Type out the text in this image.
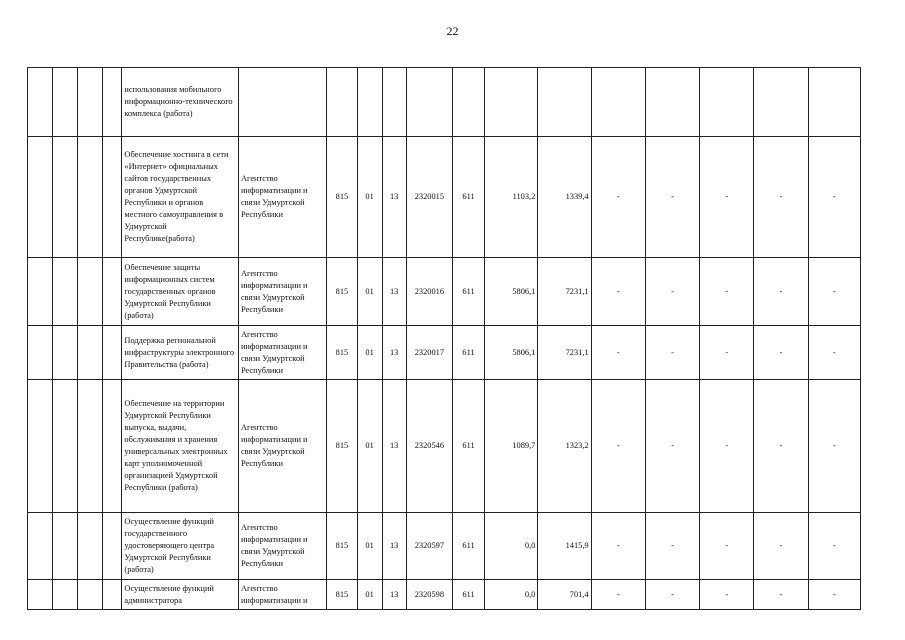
22
				использования мобильного информационно-технического комплекса (работа)													
				Обеспечение хостинга в сети «Интернет» официальных сайтов государственных органов Удмуртской Республики и органов местного самоуправления в Удмуртской Республике(работа)	Агентство информатизации и связи Удмуртской Республики	815	01	13	2320015	611	1103,2	1339,4	-	-	-	-	-
				Обеспечение защиты информационных систем государственных органов Удмуртской Республики (работа)	Агентство информатизации и связи Удмуртской Республики	815	01	13	2320016	611	5806,1	7231,1	-	-	-	-	-
				Поддержка региональной инфраструктуры электронного Правительства (работа)	Агентство информатизации и связи Удмуртской Республики	815	01	13	2320017	611	5806,1	7231,1	-	-	-	-	-
				Обеспечение на территории Удмуртской Республики выпуска, выдачи, обслуживания и хранения универсальных электронных карт уполномоченной организацией Удмуртской Республики (работа)	Агентство информатизации и связи Удмуртской Республики	815	01	13	2320546	611	1089,7	1323,2	-	-	-	-	-
				Осуществление функций государственного удостоверяющего центра Удмуртской Республики (работа)	Агентство информатизации и связи Удмуртской Республики	815	01	13	2320597	611	0,0	1415,9	-	-	-	-	-
				Осуществление функций администратора	Агентство информатизации и	815	01	13	2320598	611	0,0	701,4	-	-	-	-	-
